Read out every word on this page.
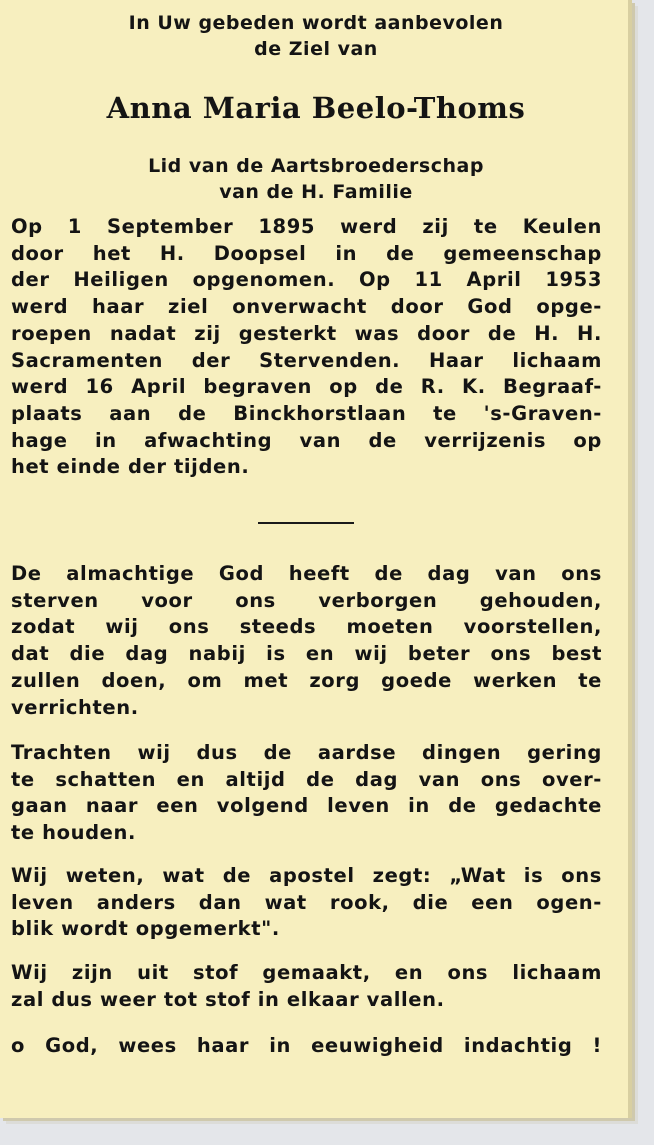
In Uw gebeden wordt aanbevolen

de Ziel van

Anna Maria Beelo-Thoms

Lid van de Aartsbroederschap

van de H. Familie

Op 1 September 1895 werd zij te Keulen
door het H. Doopsel in de gemeenschap
der Heiligen opgenomen. Op 11 April 1953
werd haar ziel onverwacht door God opge-
roepen nadat zij gesterkt was door de H. H.
Sacramenten der Stervenden. Haar lichaam
werd 16 April begraven op de R. K. Begraaf-
plaats aan de Binckhorstlaan te 's-Graven-
hage in afwachting van de verrijzenis op
het einde der tijden.

De almachtige God heeft de dag van ons
sterven voor ons verborgen gehouden,
zodat wij ons steeds moeten voorstellen,
dat die dag nabij is en wij beter ons best
zullen doen, om met zorg goede werken te
verrichten.

Trachten wij dus de aardse dingen gering
te schatten en altijd de dag van ons over-
gaan naar een volgend leven in de gedachte
te houden.

Wij weten, wat de apostel zegt: „Wat is ons
leven anders dan wat rook, die een ogen-
blik wordt opgemerkt".

Wij zijn uit stof gemaakt, en ons lichaam
zal dus weer tot stof in elkaar vallen.

o God, wees haar in eeuwigheid indachtig !
